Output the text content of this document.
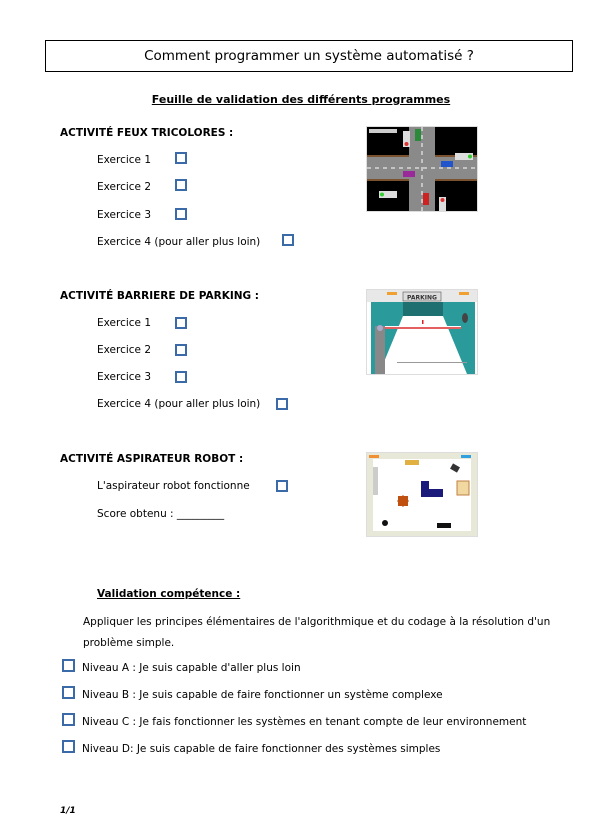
Comment programmer un système automatisé ?
Feuille de validation des différents programmes
ACTIVITÉ FEUX TRICOLORES :
Exercice 1
Exercice 2
Exercice 3
Exercice 4 (pour aller plus loin)
ACTIVITÉ BARRIERE DE PARKING :
Exercice 1
Exercice 2
Exercice 3
Exercice 4 (pour aller plus loin)
PARKING
ACTIVITÉ ASPIRATEUR ROBOT :
L'aspirateur robot fonctionne
Score obtenu : _________
Validation compétence :
Appliquer les principes élémentaires de l'algorithmique et du codage à la résolution d'un problème simple.
Niveau A : Je suis capable d'aller plus loin
Niveau B : Je suis capable de faire fonctionner un système complexe
Niveau C : Je fais fonctionner les systèmes en tenant compte de leur environnement
Niveau D: Je suis capable de faire fonctionner des systèmes simples
1/1
